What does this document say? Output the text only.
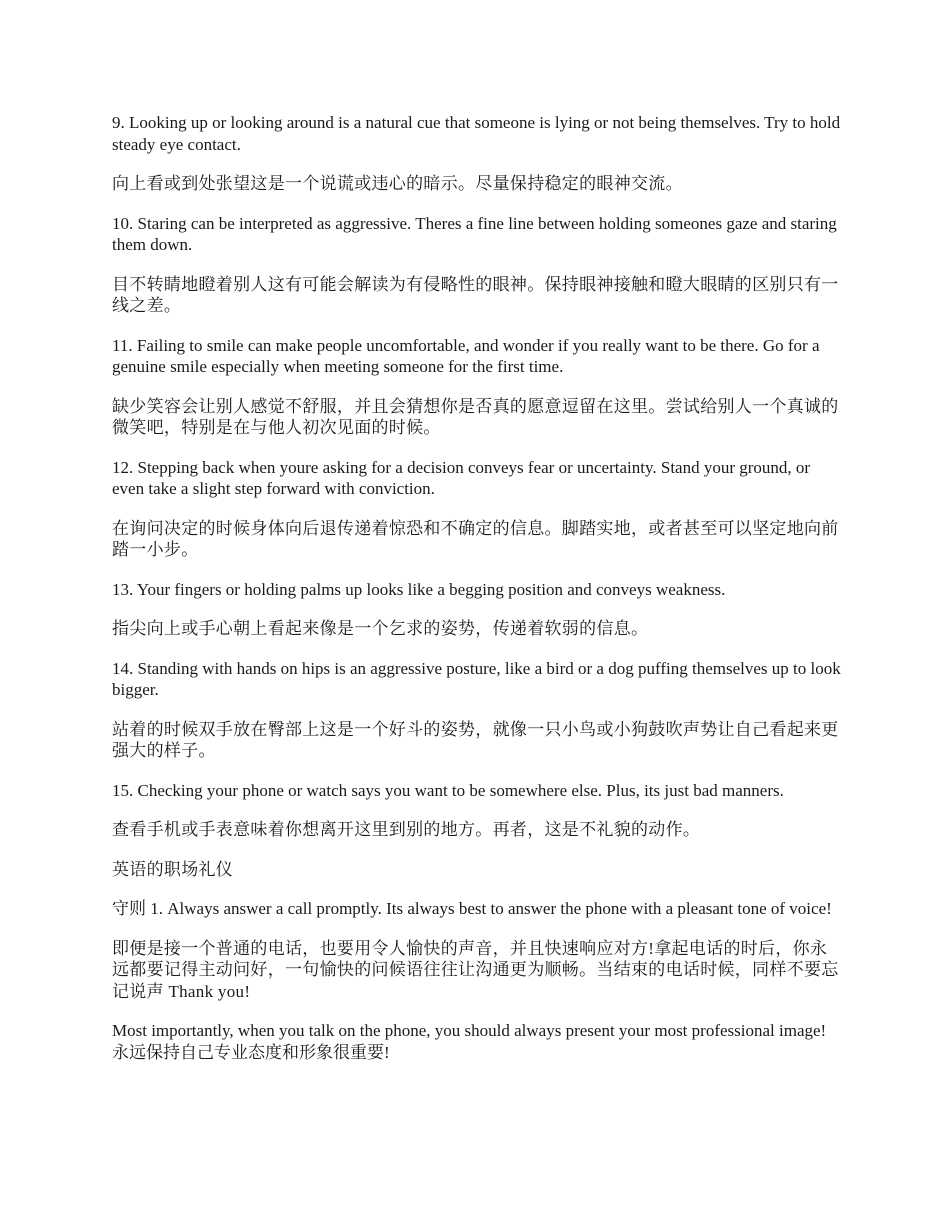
9. Looking up or looking around is a natural cue that someone is lying or not being themselves. Try to hold steady eye contact.

向上看或到处张望这是一个说谎或违心的暗示。尽量保持稳定的眼神交流。

10. Staring can be interpreted as aggressive. Theres a fine line between holding someones gaze and staring them down.

目不转睛地瞪着别人这有可能会解读为有侵略性的眼神。保持眼神接触和瞪大眼睛的区别只有一线之差。

11. Failing to smile can make people uncomfortable, and wonder if you really want to be there. Go for a genuine smile especially when meeting someone for the first time.

缺少笑容会让别人感觉不舒服，并且会猜想你是否真的愿意逗留在这里。尝试给别人一个真诚的微笑吧，特别是在与他人初次见面的时候。

12. Stepping back when youre asking for a decision conveys fear or uncertainty. Stand your ground, or even take a slight step forward with conviction.

在询问决定的时候身体向后退传递着惊恐和不确定的信息。脚踏实地，或者甚至可以坚定地向前踏一小步。

13. Your fingers or holding palms up looks like a begging position and conveys weakness.

指尖向上或手心朝上看起来像是一个乞求的姿势，传递着软弱的信息。

14. Standing with hands on hips is an aggressive posture, like a bird or a dog puffing themselves up to look bigger.

站着的时候双手放在臀部上这是一个好斗的姿势，就像一只小鸟或小狗鼓吹声势让自己看起来更强大的样子。

15. Checking your phone or watch says you want to be somewhere else. Plus, its just bad manners.

查看手机或手表意味着你想离开这里到别的地方。再者，这是不礼貌的动作。

英语的职场礼仪

守则 1. Always answer a call promptly. Its always best to answer the phone with a pleasant tone of voice!

即便是接一个普通的电话，也要用令人愉快的声音，并且快速响应对方!拿起电话的时后，你永远都要记得主动问好，一句愉快的问候语往往让沟通更为顺畅。当结束的电话时候，同样不要忘记说声 Thank you!

Most importantly, when you talk on the phone, you should always present your most professional image! 永远保持自己专业态度和形象很重要!
